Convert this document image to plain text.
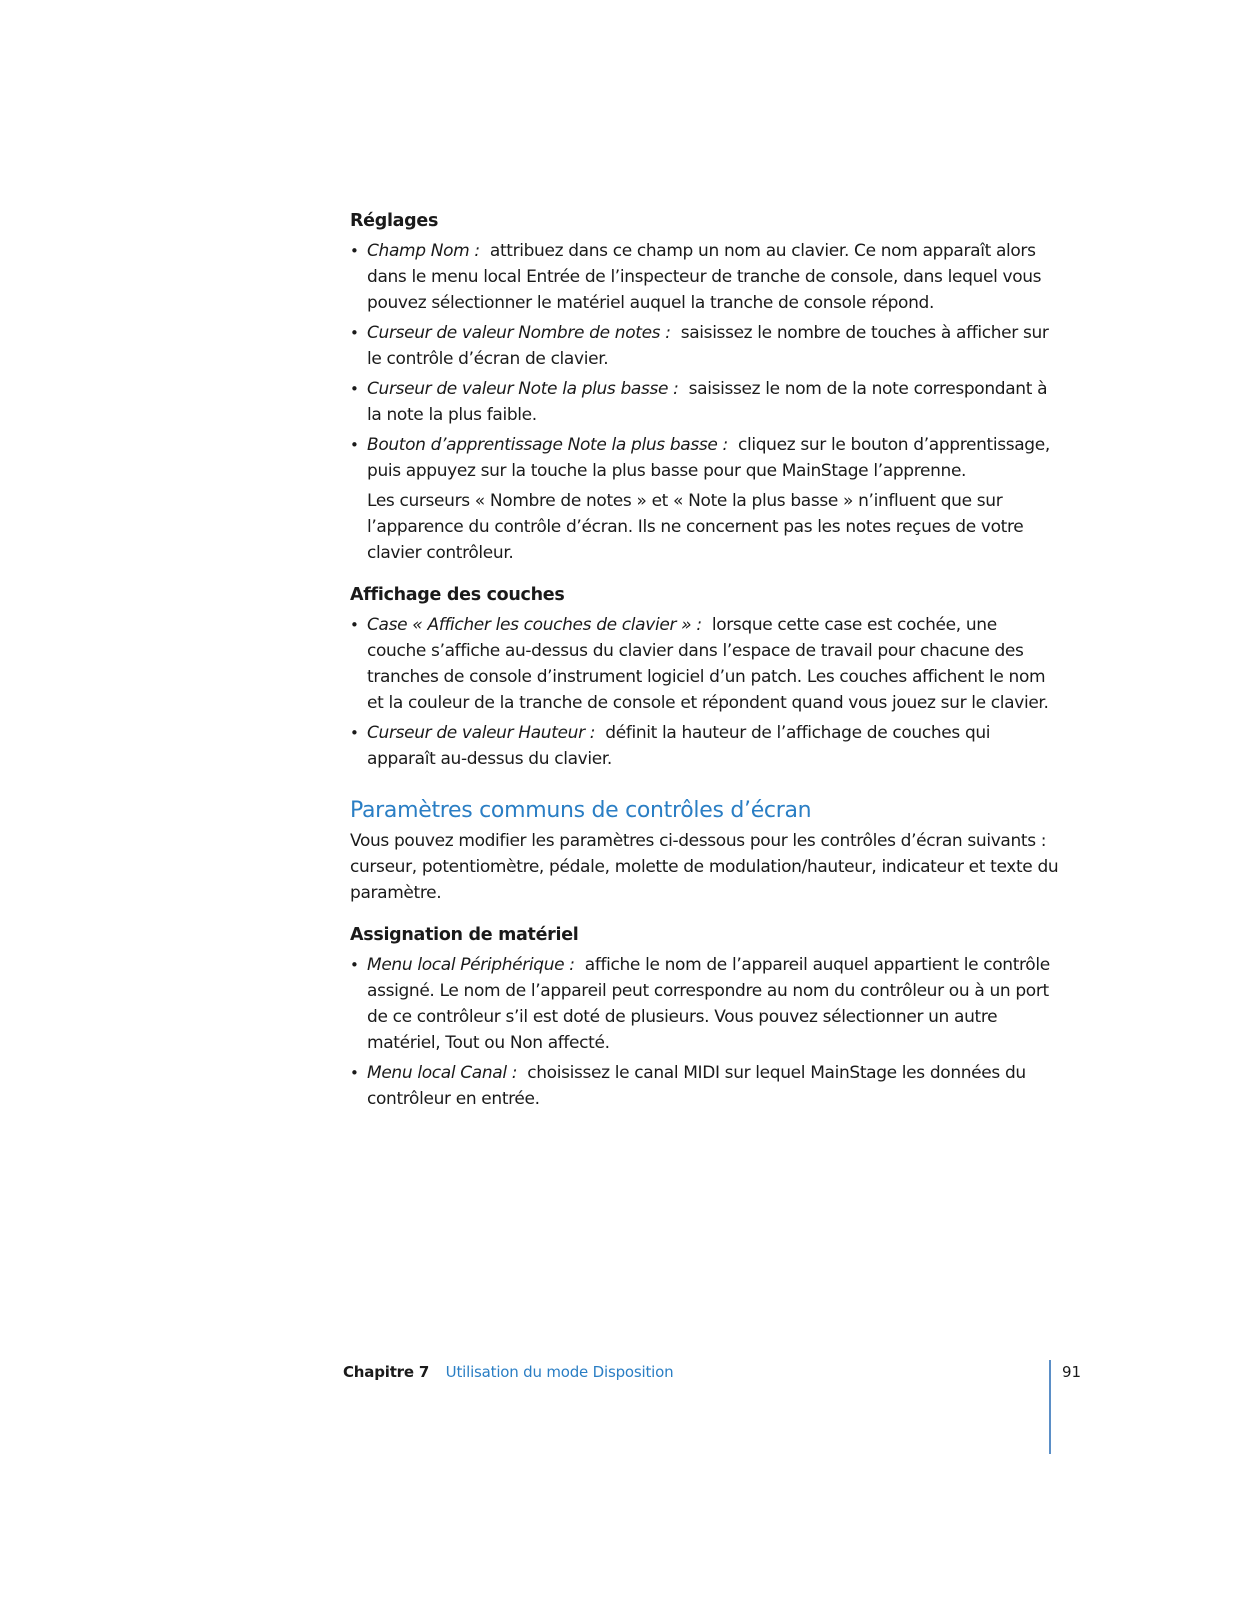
Réglages
• Champ Nom : attribuez dans ce champ un nom au clavier. Ce nom apparaît alors dans le menu local Entrée de l’inspecteur de tranche de console, dans lequel vous pouvez sélectionner le matériel auquel la tranche de console répond.
• Curseur de valeur Nombre de notes : saisissez le nombre de touches à afficher sur le contrôle d’écran de clavier.
• Curseur de valeur Note la plus basse : saisissez le nom de la note correspondant à la note la plus faible.
• Bouton d’apprentissage Note la plus basse : cliquez sur le bouton d’apprentissage, puis appuyez sur la touche la plus basse pour que MainStage l’apprenne.

Les curseurs « Nombre de notes » et « Note la plus basse » n’influent que sur l’apparence du contrôle d’écran. Ils ne concernent pas les notes reçues de votre clavier contrôleur.

Affichage des couches
• Case « Afficher les couches de clavier » : lorsque cette case est cochée, une couche s’affiche au-dessus du clavier dans l’espace de travail pour chacune des tranches de console d’instrument logiciel d’un patch. Les couches affichent le nom et la couleur de la tranche de console et répondent quand vous jouez sur le clavier.
• Curseur de valeur Hauteur : définit la hauteur de l’affichage de couches qui apparaît au-dessus du clavier.
Paramètres communs de contrôles d’écran

Vous pouvez modifier les paramètres ci-dessous pour les contrôles d’écran suivants : curseur, potentiomètre, pédale, molette de modulation/hauteur, indicateur et texte du paramètre.

Assignation de matériel
• Menu local Périphérique : affiche le nom de l’appareil auquel appartient le contrôle assigné. Le nom de l’appareil peut correspondre au nom du contrôleur ou à un port de ce contrôleur s’il est doté de plusieurs. Vous pouvez sélectionner un autre matériel, Tout ou Non affecté.
• Menu local Canal : choisissez le canal MIDI sur lequel MainStage les données du contrôleur en entrée.
Chapitre 7 Utilisation du mode Disposition	91
